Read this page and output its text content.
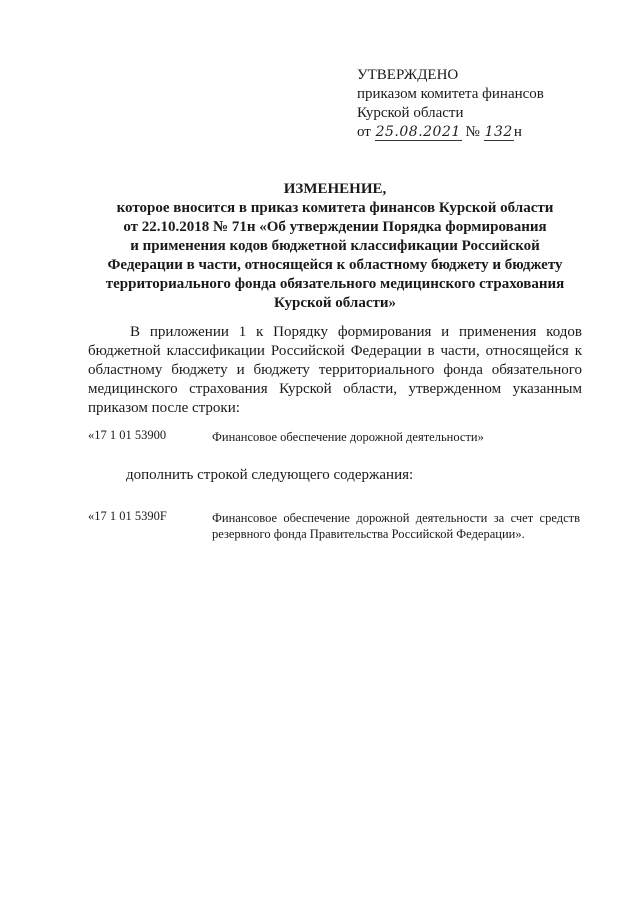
УТВЕРЖДЕНО
приказом комитета финансов
Курской области
от 25.08.2021 № 132н
ИЗМЕНЕНИЕ,
которое вносится в приказ комитета финансов Курской области
от 22.10.2018 № 71н «Об утверждении Порядка формирования
и применения кодов бюджетной классификации Российской
Федерации в части, относящейся к областному бюджету и бюджету
территориального фонда обязательного медицинского страхования
Курской области»
В приложении 1 к Порядку формирования и применения кодов
бюджетной классификации Российской Федерации в части, относящейся к
областному бюджету и бюджету территориального фонда обязательного
медицинского страхования Курской области, утвержденном указанным
приказом после строки:
«17 1 01 53900	Финансовое обеспечение дорожной деятельности»
дополнить строкой следующего содержания:
«17 1 01 5390F	Финансовое обеспечение дорожной деятельности за счет средств
резервного фонда Правительства Российской Федерации».
